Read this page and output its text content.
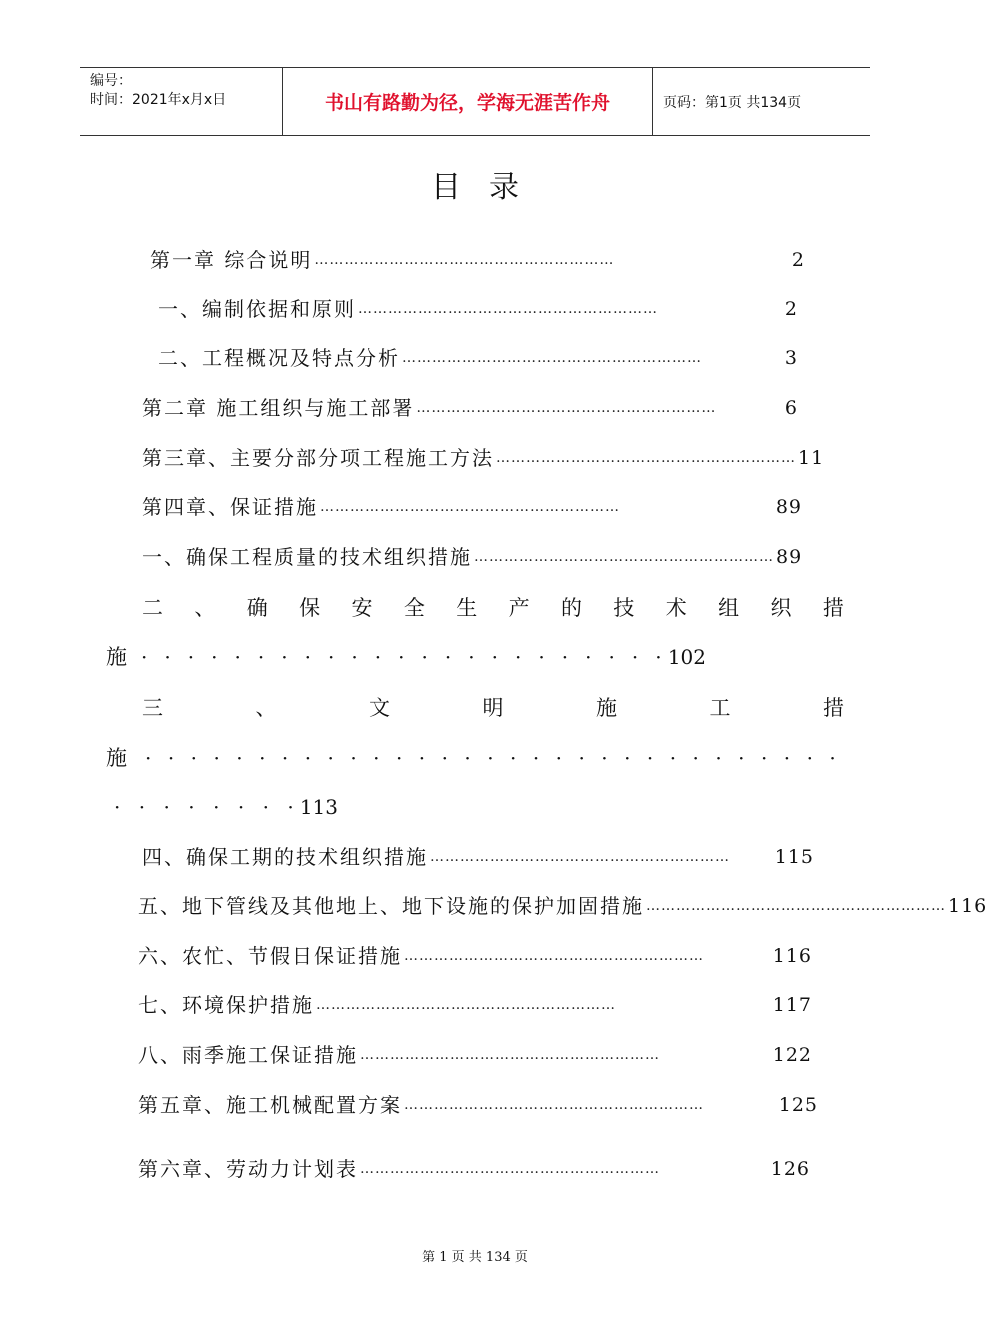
编号：
时间：2021年x月x日	书山有路勤为径，学海无涯苦作舟	页码：第1页 共134页
目录
第一章 综合说明 ……………………………………………………	2
一、编制依据和原则 ……………………………………………………	2
二、工程概况及特点分析 ……………………………………………………	3
第二章 施工组织与施工部署 ……………………………………………………	6
第三章、主要分部分项工程施工方法 …………………………………………………… 11
第四章、保证措施 ……………………………………………………	89
一、确保工程质量的技术组织措施 …………………………………………………… 89
二 、 确 保 安 全 生 产 的 技 术 组 织 措
施 · · · · · · · · · · · · · · · · · · · · · · · 102
三	、	文	明	施	工	措
施 · · · · · · · · · · · · · · · · · · · · · · · · · · · · · · ·
· · · · · · · · 113
四、确保工期的技术组织措施 ……………………………………………………	115
五、地下管线及其他地上、地下设施的保护加固措施 …………………………………………………… 116
六、农忙、节假日保证措施 ……………………………………………………	116
七、环境保护措施 ……………………………………………………	117
八、雨季施工保证措施 ……………………………………………………	122
第五章、施工机械配置方案 ……………………………………………………	125
第六章、劳动力计划表 ……………………………………………………	126
第 1 页 共 134 页
